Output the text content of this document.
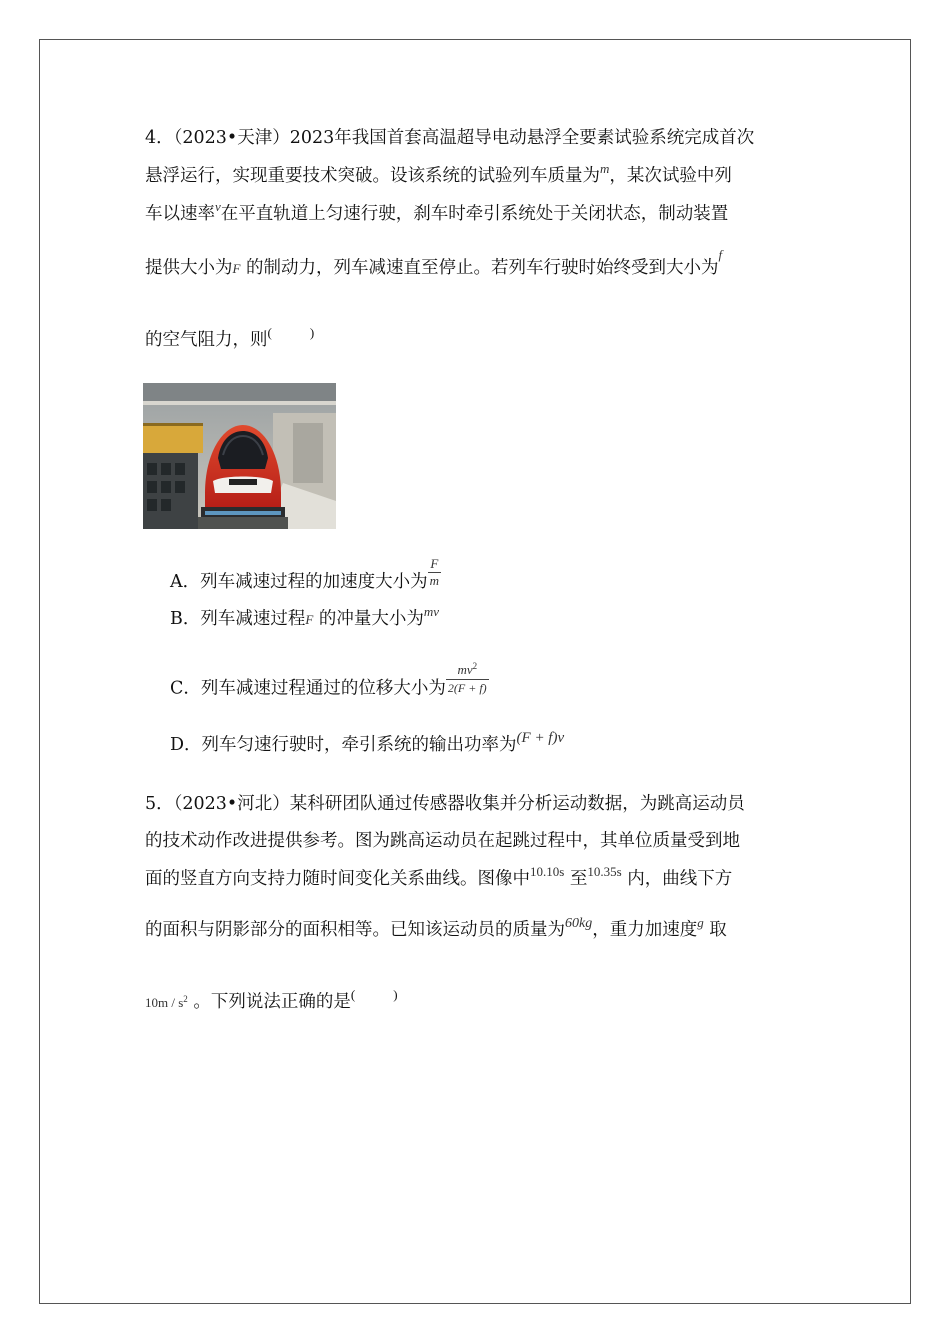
4．（2023•天津）2023年我国首套高温超导电动悬浮全要素试验系统完成首次
悬浮运行，实现重要技术突破。设该系统的试验列车质量为$^m$，某次试验中列
车以速率$^v$在平直轨道上匀速行驶，刹车时牵引系统处于关闭状态，制动装置
提供大小为F 的制动力，列车减速直至停止。若列车行驶时始终受到大小为$^f$
的空气阻力，则(	)
A．列车减速过程的加速度大小为 $\frac{F}{m}$
B．列车减速过程F 的冲量大小为$^{mv}$
C．列车减速过程通过的位移大小为 $\frac{mv^2}{2(F + f)}$
D．列车匀速行驶时，牵引系统的输出功率为(F + f)v
5．（2023•河北）某科研团队通过传感器收集并分析运动数据，为跳高运动员
的技术动作改进提供参考。图为跳高运动员在起跳过程中，其单位质量受到地
面的竖直方向支持力随时间变化关系曲线。图像中$^{10.10s}$ 至$^{10.35s}$ 内，曲线下方
的面积与阴影部分的面积相等。已知该运动员的质量为$^{60kg}$，重力加速度$^g$ 取
$10m / s^2$ 。下列说法正确的是(	)
